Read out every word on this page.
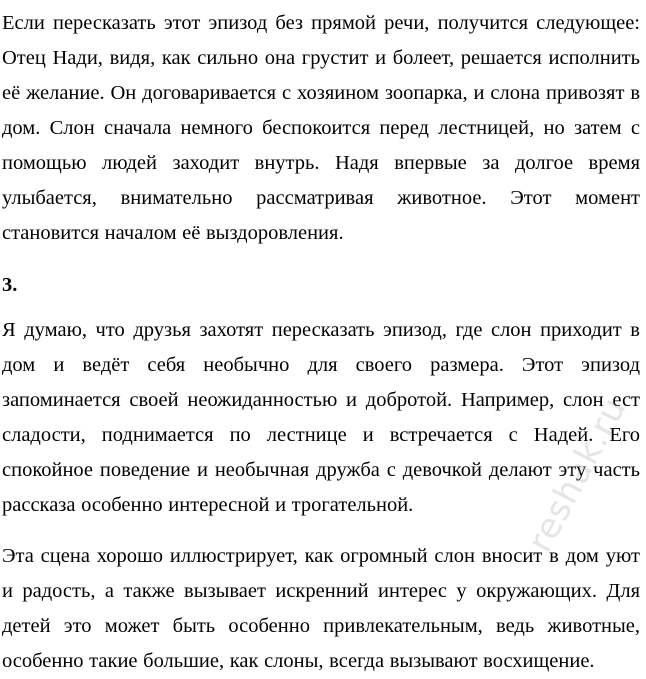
Если пересказать этот эпизод без прямой речи, получится следующее: Отец Нади, видя, как сильно она грустит и болеет, решается исполнить её желание. Он договаривается с хозяином зоопарка, и слона привозят в дом. Слон сначала немного беспокоится перед лестницей, но затем с помощью людей заходит внутрь. Надя впервые за долгое время улыбается, внимательно рассматривая животное. Этот момент становится началом её выздоровления.

3.

Я думаю, что друзья захотят пересказать эпизод, где слон приходит в дом и ведёт себя необычно для своего размера. Этот эпизод запоминается своей неожиданностью и добротой. Например, слон ест сладости, поднимается по лестнице и встречается с Надей. Его спокойное поведение и необычная дружба с девочкой делают эту часть рассказа особенно интересной и трогательной.

Эта сцена хорошо иллюстрирует, как огромный слон вносит в дом уют и радость, а также вызывает искренний интерес у окружающих. Для детей это может быть особенно привлекательным, ведь животные, особенно такие большие, как слоны, всегда вызывают восхищение.

reshak.ru
